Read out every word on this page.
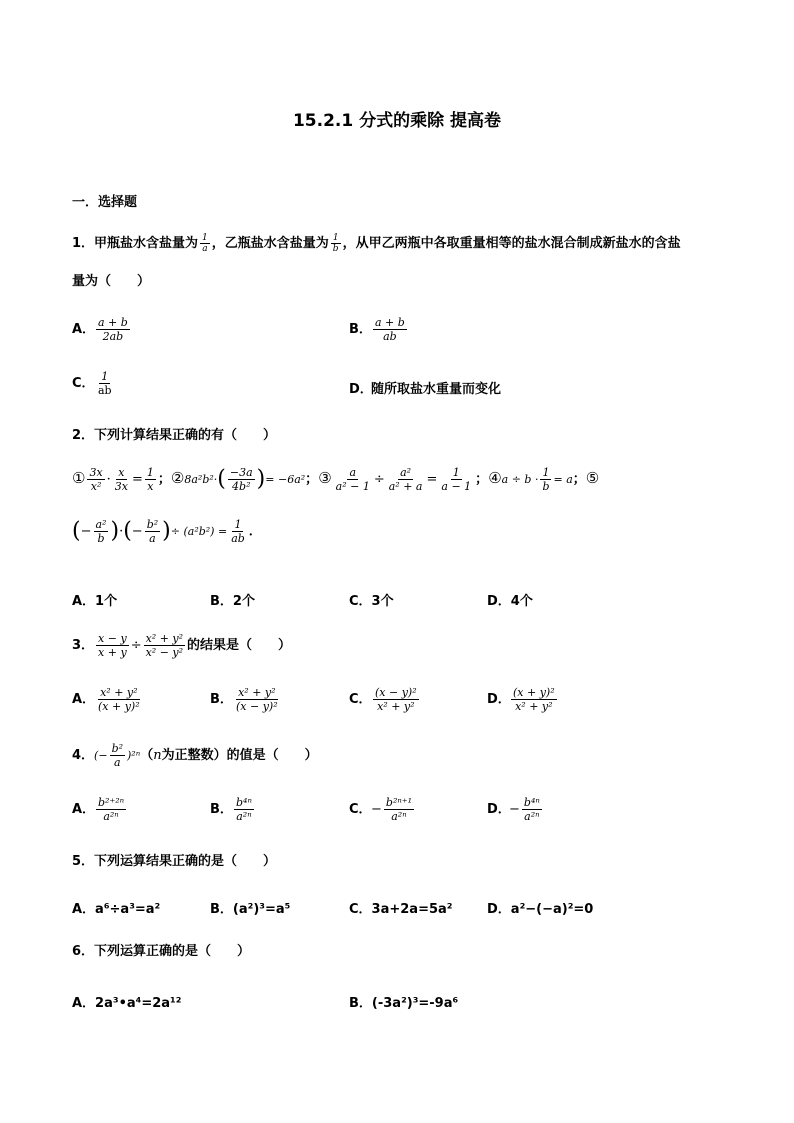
15.2.1 分式的乘除 提高卷
一．选择题
1．甲瓶盐水含盐量为 $\frac{1}{a}$ ，乙瓶盐水含盐量为 $\frac{1}{b}$ ，从甲乙两瓶中各取重量相等的盐水混合制成新盐水的含盐
量为（　　）
A． $\frac{a + b}{2ab}$	B． $\frac{a + b}{ab}$
C． $\frac{1}{ab}$	D．随所取盐水重量而变化
2．下列计算结果正确的有（　　）
① $\frac{3x}{\text{x²}} \cdot \frac{x}{3x} = \frac{1}{x}$ ；②8a²b²·( $\frac{-3a}{\text{4b²}}$ )= −6a²；③ $\frac{a}{\text{a² − 1}} \div \frac{\text{a²}}{\text{a² + a}} = \frac{1}{a - 1}$ ；④a ÷ $b \cdot \frac{1}{b} = a$；⑤
(− $\frac{\text{a²}}{b}$ )·(− $\frac{\text{b²}}{a}$ )÷ $(a^2b^2) = \frac{1}{ab}$ ．
A．1个	B．2个	C．3个	D．4个
3． $\frac{x - y}{x + y} \div \frac{\text{x² + y²}}{\text{x² − y²}}$ 的结果是（　　）
A． $\frac{\text{x² + y²}}{\text{(x + y)²}}$	B． $\frac{\text{x² + y²}}{\text{(x − y)²}}$	C． $\frac{\text{(x − y)²}}{\text{x² + y²}}$	D． $\frac{\text{(x + y)²}}{\text{x² + y²}}$
4．(− $\frac{\text{b²}}{a} )^{2n}(n$为正整数）的值是（　　）
A． $\frac{\text{b²⁺²ⁿ}}{\text{a²ⁿ}}$	B． $\frac{\text{b⁴ⁿ}}{\text{a²ⁿ}}$	C．− $\frac{\text{b²ⁿ⁺¹}}{\text{a²ⁿ}}$	D．− $\frac{\text{b⁴ⁿ}}{\text{a²ⁿ}}$
5．下列运算结果正确的是（　　）
A．a⁶÷a³=a²	B．(a²)³=a⁵	C．3a+2a=5a²	D．a²−(−a)²=0
6．下列运算正确的是（　　）
A．2a³•a⁴=2a¹²	B．(-3a²)³=-9a⁶
